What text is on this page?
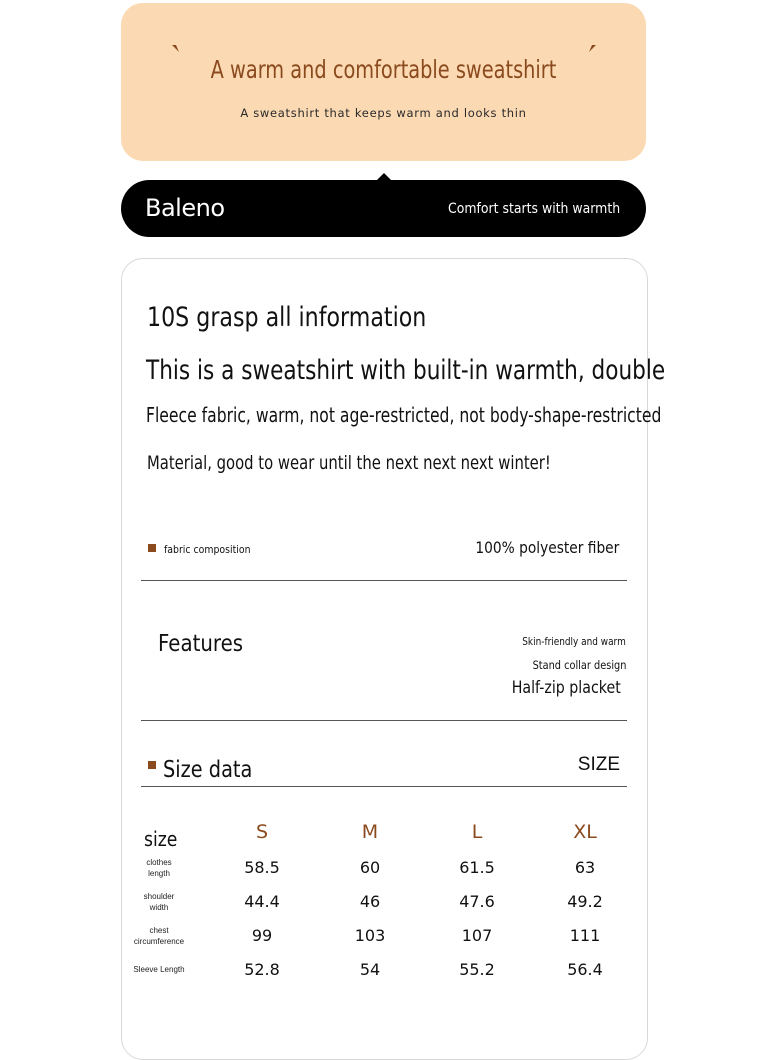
A warm and comfortable sweatshirt
A sweatshirt that keeps warm and looks thin
Baleno	Comfort starts with warmth
10S grasp all information
This is a sweatshirt with built-in warmth, double
Fleece fabric, warm, not age-restricted, not body-shape-restricted
Material, good to wear until the next next next winter!
fabric composition	100% polyester fiber
Features	Skin-friendly and warm
Stand collar design
Half-zip placket
Size data	SIZE
size	S	M	L	XL
clothes
length	58.5	60	61.5	63
shoulder
width	44.4	46	47.6	49.2
chest
circumference	99	103	107	111
Sleeve Length	52.8	54	55.2	56.4
